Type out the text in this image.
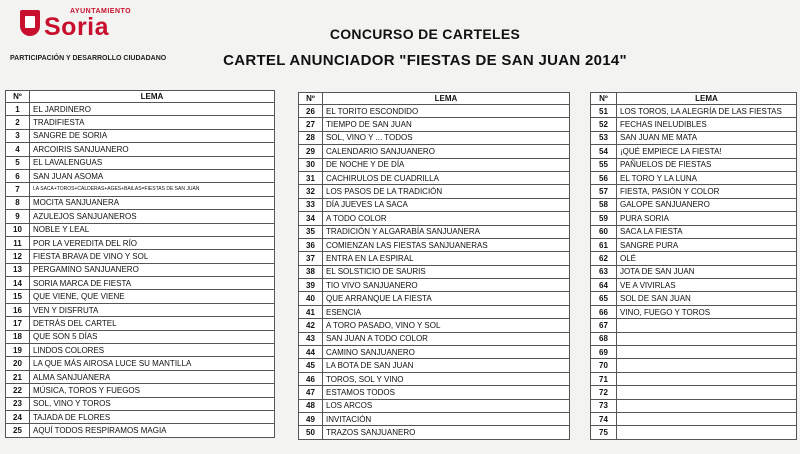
AYUNTAMIENTO
Soria
PARTICIPACIÓN Y DESARROLLO CIUDADANO
CONCURSO DE CARTELES
CARTEL ANUNCIADOR "FIESTAS DE SAN JUAN 2014"
Nº	LEMA
1	EL JARDINERO
2	TRADIFIESTA
3	SANGRE DE SORIA
4	ARCOIRIS SANJUANERO
5	EL LAVALENGUAS
6	SAN JUAN ASOMA
7	LA SACA+TOROS+CALDERAS+AGES+BAILAS=FIESTAS DE SAN JUAN
8	MOCITA SANJUANERA
9	AZULEJOS SANJUANEROS
10	NOBLE Y LEAL
11	POR LA VEREDITA DEL RÍO
12	FIESTA BRAVA DE VINO Y SOL
13	PERGAMINO SANJUANERO
14	SORIA MARCA DE FIESTA
15	QUE VIENE, QUE VIENE
16	VEN Y DISFRUTA
17	DETRÁS DEL CARTEL
18	QUE SON 5 DÍAS
19	LINDOS COLORES
20	LA QUE MÁS AIROSA LUCE SU MANTILLA
21	ALMA SANJUANERA
22	MÚSICA, TOROS Y FUEGOS
23	SOL, VINO Y TOROS
24	TAJADA DE FLORES
25	AQUÍ TODOS RESPIRAMOS MAGIA
Nº	LEMA
26	EL TORITO ESCONDIDO
27	TIEMPO DE SAN JUAN
28	SOL, VINO Y ... TODOS
29	CALENDARIO SANJUANERO
30	DE NOCHE Y DE DÍA
31	CACHIRULOS DE CUADRILLA
32	LOS PASOS DE LA TRADICIÓN
33	DÍA JUEVES LA SACA
34	A TODO COLOR
35	TRADICIÓN Y ALGARABÍA SANJUANERA
36	COMIENZAN LAS FIESTAS SANJUANERAS
37	ENTRA EN LA ESPIRAL
38	EL SOLSTICIO DE SAURIS
39	TIO VIVO SANJUANERO
40	QUE ARRANQUE LA FIESTA
41	ESENCIA
42	A TORO PASADO, VINO Y SOL
43	SAN JUAN A TODO COLOR
44	CAMINO SANJUANERO
45	LA BOTA DE SAN JUAN
46	TOROS, SOL Y VINO
47	ESTAMOS TODOS
48	LOS ARCOS
49	INVITACIÓN
50	TRAZOS SANJUANERO
Nº	LEMA
51	LOS TOROS, LA ALEGRÍA DE LAS FIESTAS
52	FECHAS INELUDIBLES
53	SAN JUAN ME MATA
54	¡QUÉ EMPIECE LA FIESTA!
55	PAÑUELOS DE FIESTAS
56	EL TORO Y LA LUNA
57	FIESTA, PASIÓN Y COLOR
58	GALOPE SANJUANERO
59	PURA SORIA
60	SACA LA FIESTA
61	SANGRE PURA
62	OLÉ
63	JOTA DE SAN JUAN
64	VE A VIVIRLAS
65	SOL DE SAN JUAN
66	VINO, FUEGO Y TOROS
67	
68	
69	
70	
71	
72	
73	
74	
75	
